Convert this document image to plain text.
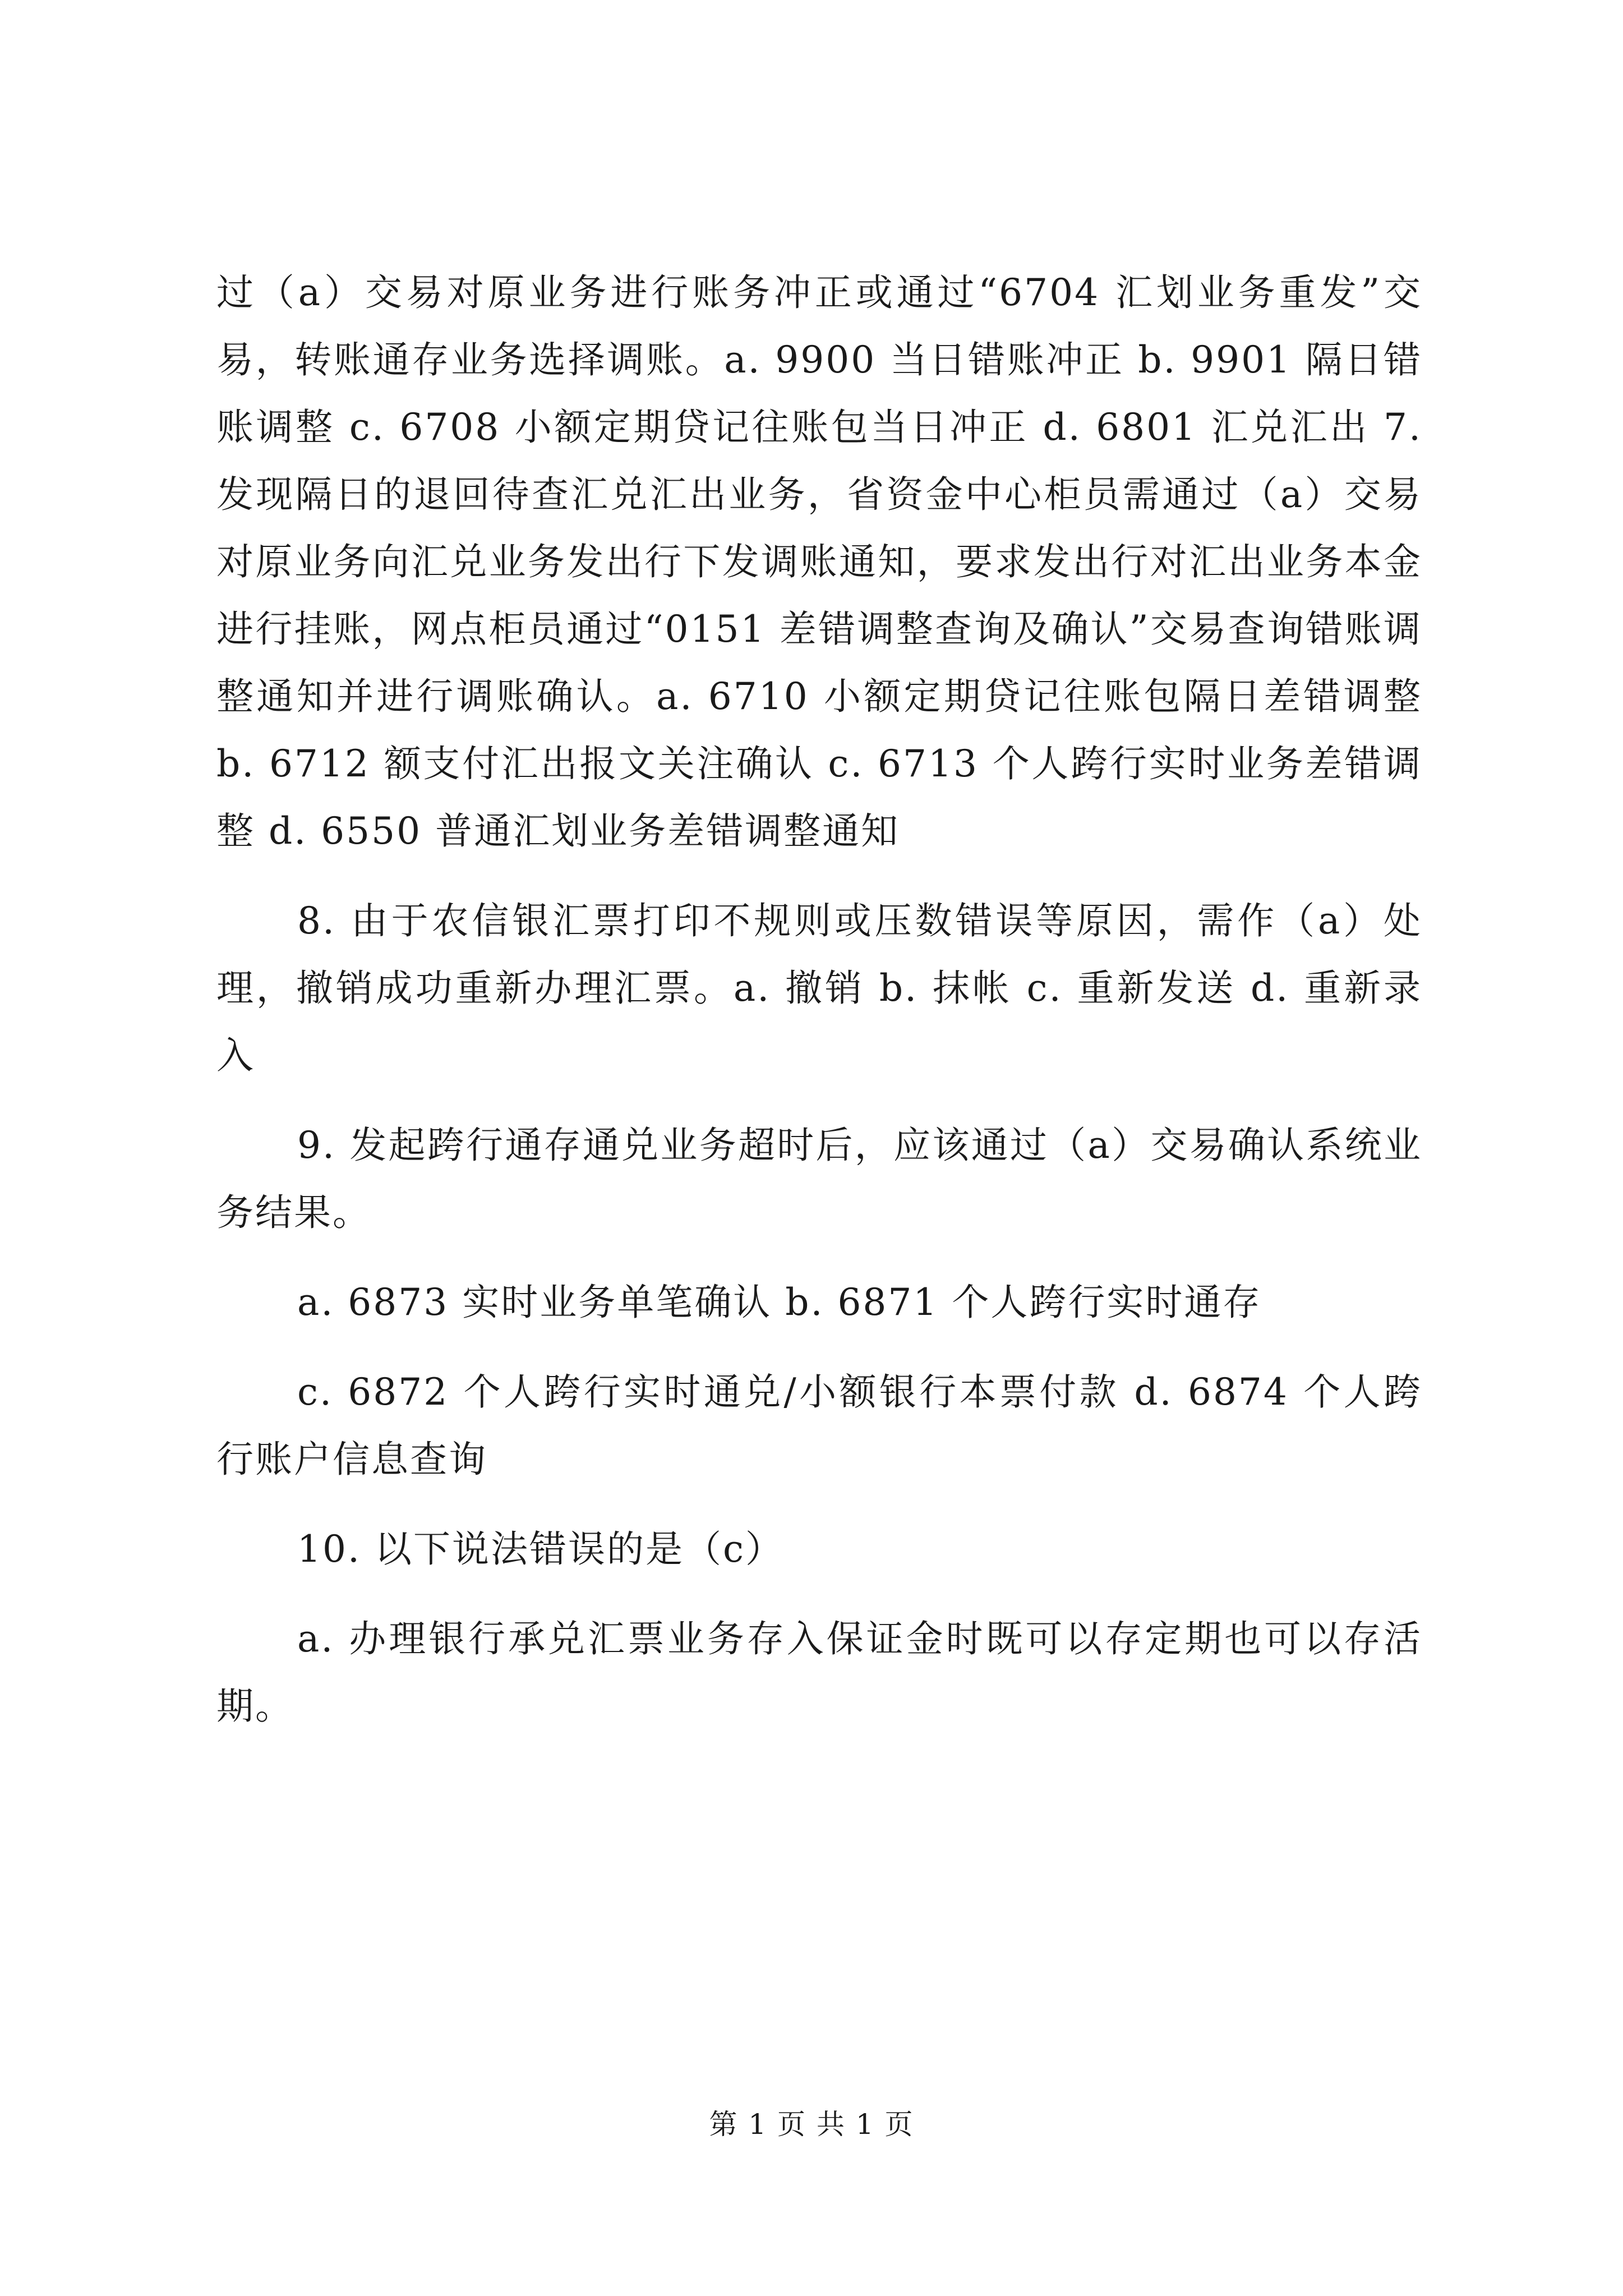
过（a）交易对原业务进行账务冲正或通过“6704 汇划业务重发”交易，转账通存业务选择调账。a. 9900 当日错账冲正 b. 9901 隔日错账调整 c. 6708 小额定期贷记往账包当日冲正 d. 6801 汇兑汇出 7. 发现隔日的退回待查汇兑汇出业务，省资金中心柜员需通过（a）交易对原业务向汇兑业务发出行下发调账通知，要求发出行对汇出业务本金进行挂账，网点柜员通过“0151 差错调整查询及确认”交易查询错账调整通知并进行调账确认。a. 6710 小额定期贷记往账包隔日差错调整 b. 6712 额支付汇出报文关注确认 c. 6713 个人跨行实时业务差错调整 d. 6550 普通汇划业务差错调整通知

8. 由于农信银汇票打印不规则或压数错误等原因，需作（a）处理，撤销成功重新办理汇票。a. 撤销 b. 抹帐 c. 重新发送 d. 重新录入

9. 发起跨行通存通兑业务超时后，应该通过（a）交易确认系统业务结果。

a. 6873 实时业务单笔确认 b. 6871 个人跨行实时通存

c. 6872 个人跨行实时通兑/小额银行本票付款 d. 6874 个人跨行账户信息查询

10. 以下说法错误的是（c）

a. 办理银行承兑汇票业务存入保证金时既可以存定期也可以存活期。

第 1 页 共 1 页
